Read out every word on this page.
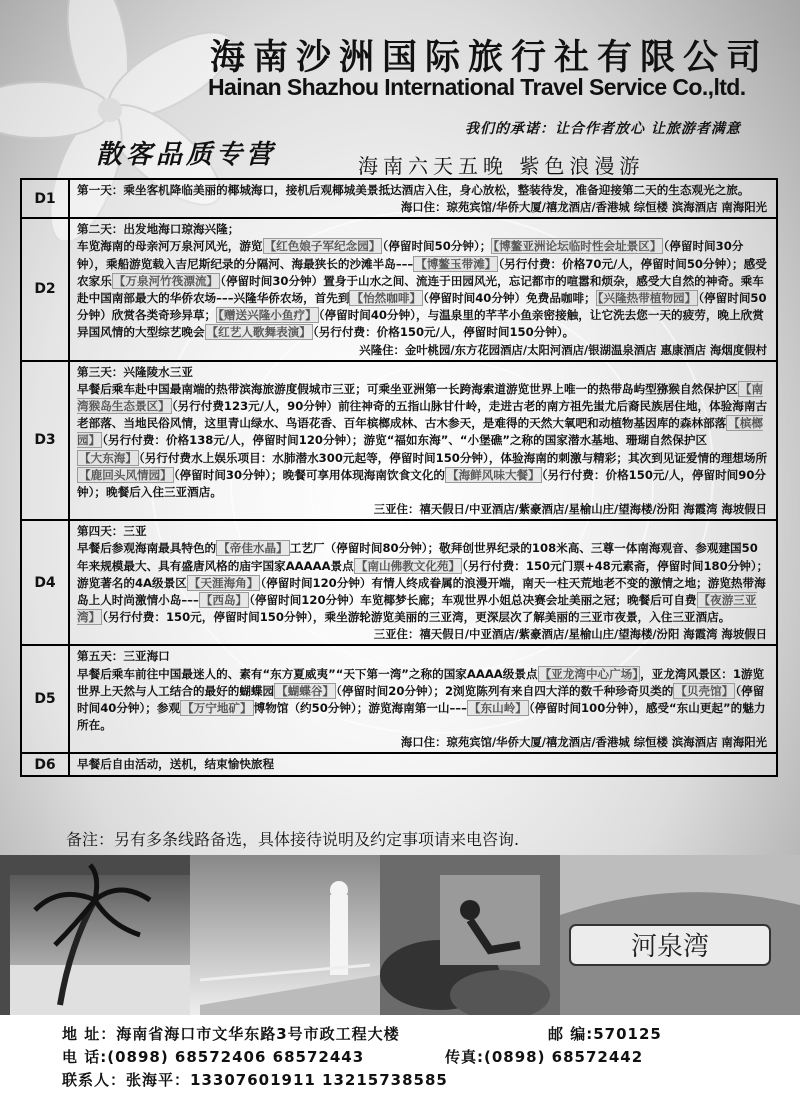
海南沙洲国际旅行社有限公司
Hainan Shazhou International Travel Service Co.,ltd.
我们的承诺：让合作者放心 让旅游者满意
散客品质专营	海南六天五晚 紫色浪漫游
D1	第一天：乘坐客机降临美丽的椰城海口，接机后观椰城美景抵达酒店入住，身心放松，整装待发，准备迎接第二天的生态观光之旅。
海口住：琼苑宾馆/华侨大厦/禧龙酒店/香港城 综恒楼 滨海酒店 南海阳光

D2	第二天：出发地海口琼海兴隆；
车览海南的母亲河万泉河风光，游览 【红色娘子军纪念园】 （停留时间50分钟）； 【博鳌亚洲论坛临时性会址景区】 （停留时间30分钟），乘船游览载入吉尼斯纪录的分隔河、海最狭长的沙滩半岛––– 【博鳌玉带滩】 （另行付费：价格70元/人，停留时间50分钟）；感受农家乐 【万泉河竹筏漂流】 （停留时间30分钟）置身于山水之间、流连于田园风光，忘记都市的喧嚣和烦杂，感受大自然的神奇。乘车赴中国南部最大的华侨农场–––兴隆华侨农场，首先到 【怡然咖啡】 （停留时间40分钟）免费品咖啡； 【兴隆热带植物园】 （停留时间50分钟）欣赏各类奇珍异草； 【赠送兴隆小鱼疗】 （停留时间40分钟），与温泉里的芊芊小鱼亲密接触，让它洗去您一天的疲劳，晚上欣赏异国风情的大型综艺晚会 【红艺人歌舞表演】 （另行付费：价格150元/人，停留时间150分钟）。
兴隆住：金叶桃园/东方花园酒店/太阳河酒店/银湖温泉酒店 惠康酒店 海烟度假村

D3	第三天：兴隆陵水三亚
早餐后乘车赴中国最南端的热带滨海旅游度假城市三亚；可乘坐亚洲第一长跨海索道游览世界上唯一的热带岛屿型猕猴自然保护区 【南湾猴岛生态景区】 （另行付费123元/人，90分钟）前往神奇的五指山脉甘什岭，走进古老的南方祖先蚩尤后裔民族居住地，体验海南古老部落、当地民俗风情，这里青山绿水、鸟语花香、百年槟榔成林、古木参天，是难得的天然大氧吧和动植物基因库的森林部落 【槟榔园】 （另行付费：价格138元/人，停留时间120分钟）；游览“福如东海”、“小堡礁”之称的国家潜水基地、珊瑚自然保护区【大东海】 （另行付费水上娱乐项目：水肺潜水300元起等，停留时间150分钟），体验海南的刺激与精彩；其次到见证爱情的理想场所【鹿回头风情园】 （停留时间30分钟）；晚餐可享用体现海南饮食文化的 【海鲜风味大餐】 （另行付费：价格150元/人，停留时间90分钟）；晚餐后入住三亚酒店。
三亚住：禧天假日/中亚酒店/紫豪酒店/星榆山庄/望海楼/汾阳 海霞湾 海坡假日

D4	第四天：三亚
早餐后参观海南最具特色的 【帝佳水晶】 工艺厂（停留时间80分钟）；敬拜创世界纪录的108米高、三尊一体南海观音、参观建国50年来规模最大、具有盛唐风格的庙宇国家AAAAA景点 【南山佛教文化苑】 （另行付费：150元门票+48元素斋，停留时间180分钟）；游览著名的4A级景区 【天涯海角】 （停留时间120分钟）有情人终成眷属的浪漫开端，南天一柱天荒地老不变的激情之地；游览热带海岛上人时尚激情小岛––– 【西岛】 （停留时间120分钟）车览椰梦长廊；车观世界小姐总决赛会址美丽之冠；晚餐后可自费 【夜游三亚湾】 （另行付费：150元，停留时间150分钟），乘坐游轮游览美丽的三亚湾，更深层次了解美丽的三亚市夜景，入住三亚酒店。
三亚住：禧天假日/中亚酒店/紫豪酒店/星榆山庄/望海楼/汾阳 海霞湾 海坡假日

D5	第五天：三亚海口
早餐后乘车前往中国最迷人的、素有“东方夏威夷”“天下第一湾”之称的国家AAAA级景点 【亚龙湾中心广场】 ，亚龙湾风景区：1游览世界上天然与人工结合的最好的蝴蝶园 【蝴蝶谷】 （停留时间20分钟）；2浏览陈列有来自四大洋的数千种珍奇贝类的 【贝壳馆】 （停留时间40分钟）；参观 【万宁地矿】 博物馆（约50分钟）；游览海南第一山––– 【东山岭】 （停留时间100分钟），感受“东山更起”的魅力所在。
海口住：琼苑宾馆/华侨大厦/禧龙酒店/香港城 综恒楼 滨海酒店 南海阳光

D6	早餐后自由活动，送机，结束愉快旅程
备注：另有多条线路备选，具体接待说明及约定事项请来电咨询.
河泉湾
地 址：海南省海口市文华东路3号市政工程大楼	邮 编:570125
电 话:(0898) 68572406 68572443	传真:(0898) 68572442
联系人：张海平：13307601911 13215738585
